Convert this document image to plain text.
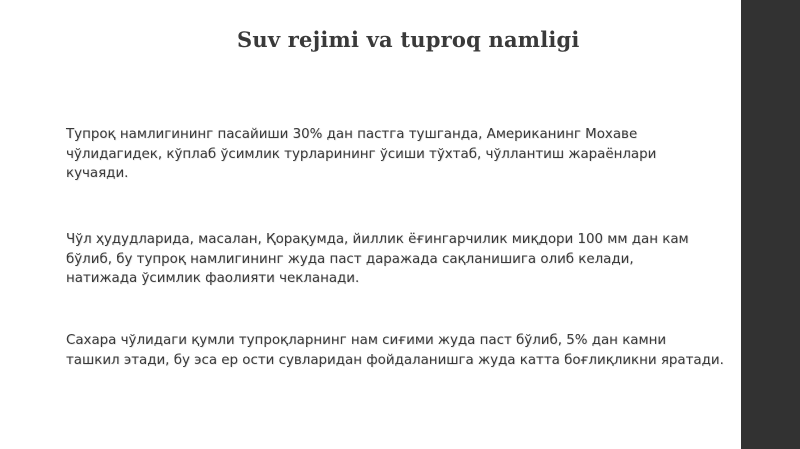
Suv rejimi va tuproq namligi
Тупроқ намлигининг пасайиши 30% дан пастга тушганда, Американинг Мохаве
чўлидагидек, кўплаб ўсимлик турларининг ўсиши тўхтаб, чўллантиш жараёнлари
кучаяди.
Чўл ҳудудларида, масалан, Қорақумда, йиллик ёғингарчилик миқдори 100 мм дан кам
бўлиб, бу тупроқ намлигининг жуда паст даражада сақланишига олиб келади,
натижада ўсимлик фаолияти чекланади.
Сахара чўлидаги қумли тупроқларнинг нам сиғими жуда паст бўлиб, 5% дан камни
ташкил этади, бу эса ер ости сувларидан фойдаланишга жуда катта боғлиқликни яратади.
